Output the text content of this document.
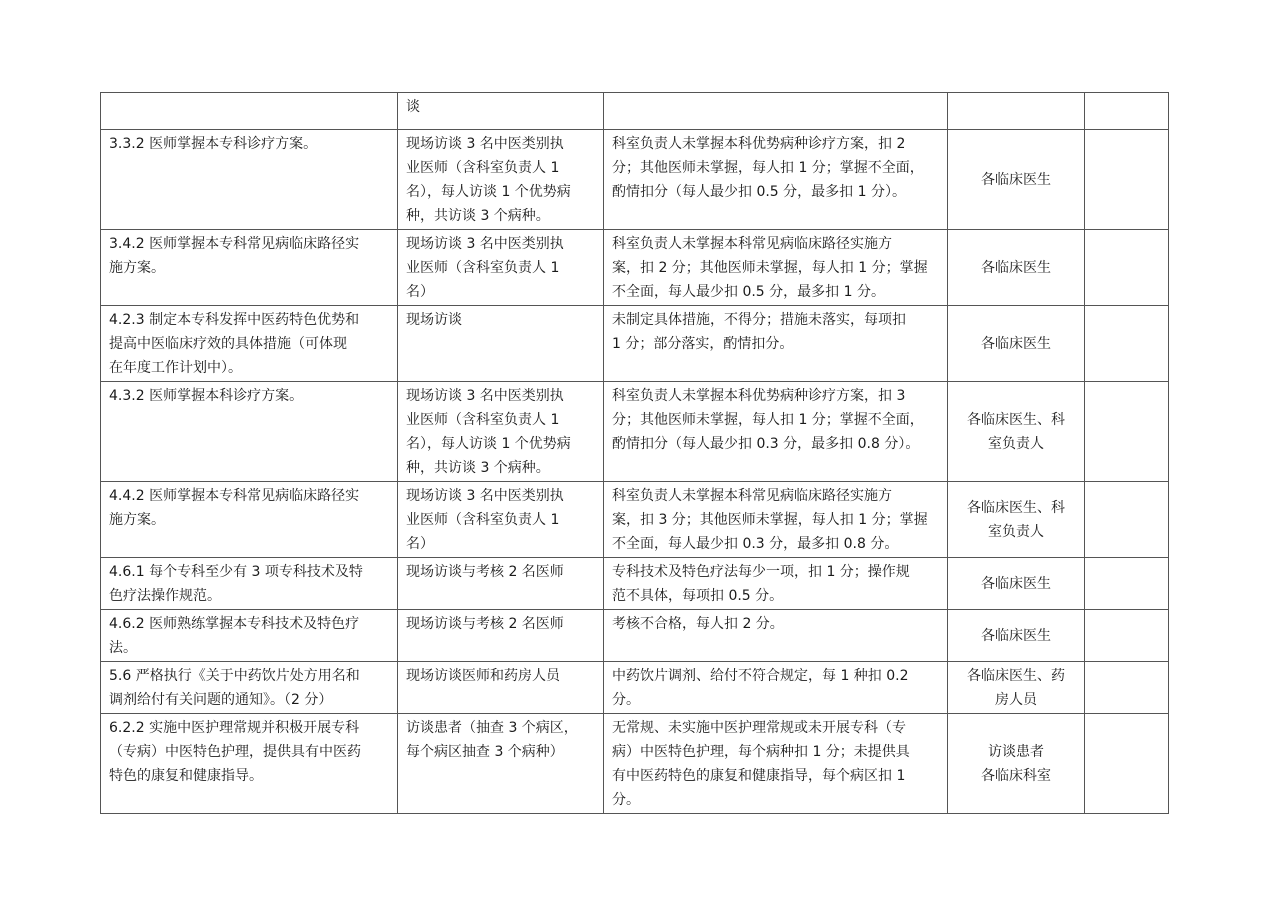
	谈			

3.3.2 医师掌握本专科诊疗方案。	现场访谈 3 名中医类别执
业医师（含科室负责人 1
名），每人访谈 1 个优势病
种，共访谈 3 个病种。	科室负责人未掌握本科优势病种诊疗方案，扣 2
分；其他医师未掌握，每人扣 1 分；掌握不全面，
酌情扣分（每人最少扣 0.5 分，最多扣 1 分）。	各临床医生	

3.4.2 医师掌握本专科常见病临床路径实
施方案。	现场访谈 3 名中医类别执
业医师（含科室负责人 1
名）	科室负责人未掌握本科常见病临床路径实施方
案，扣 2 分；其他医师未掌握，每人扣 1 分；掌握
不全面，每人最少扣 0.5 分，最多扣 1 分。	各临床医生	

4.2.3 制定本专科发挥中医药特色优势和
提高中医临床疗效的具体措施（可体现
在年度工作计划中）。	现场访谈	未制定具体措施，不得分；措施未落实，每项扣
1 分；部分落实，酌情扣分。	各临床医生	

4.3.2 医师掌握本科诊疗方案。	现场访谈 3 名中医类别执
业医师（含科室负责人 1
名），每人访谈 1 个优势病
种，共访谈 3 个病种。	科室负责人未掌握本科优势病种诊疗方案，扣 3
分；其他医师未掌握，每人扣 1 分；掌握不全面，
酌情扣分（每人最少扣 0.3 分，最多扣 0.8 分）。	各临床医生、科
室负责人	

4.4.2 医师掌握本专科常见病临床路径实
施方案。	现场访谈 3 名中医类别执
业医师（含科室负责人 1
名）	科室负责人未掌握本科常见病临床路径实施方
案，扣 3 分；其他医师未掌握，每人扣 1 分；掌握
不全面，每人最少扣 0.3 分，最多扣 0.8 分。	各临床医生、科
室负责人	

4.6.1 每个专科至少有 3 项专科技术及特
色疗法操作规范。	现场访谈与考核 2 名医师	专科技术及特色疗法每少一项，扣 1 分；操作规
范不具体，每项扣 0.5 分。	各临床医生	

4.6.2 医师熟练掌握本专科技术及特色疗
法。	现场访谈与考核 2 名医师	考核不合格，每人扣 2 分。	各临床医生	

5.6 严格执行《关于中药饮片处方用名和
调剂给付有关问题的通知》。（2 分）	现场访谈医师和药房人员	中药饮片调剂、给付不符合规定，每 1 种扣 0.2
分。	各临床医生、药
房人员	

6.2.2 实施中医护理常规并积极开展专科
（专病）中医特色护理，提供具有中医药
特色的康复和健康指导。	访谈患者（抽查 3 个病区，
每个病区抽查 3 个病种）	无常规、未实施中医护理常规或未开展专科（专
病）中医特色护理，每个病种扣 1 分；未提供具
有中医药特色的康复和健康指导，每个病区扣 1
分。	访谈患者
各临床科室	
